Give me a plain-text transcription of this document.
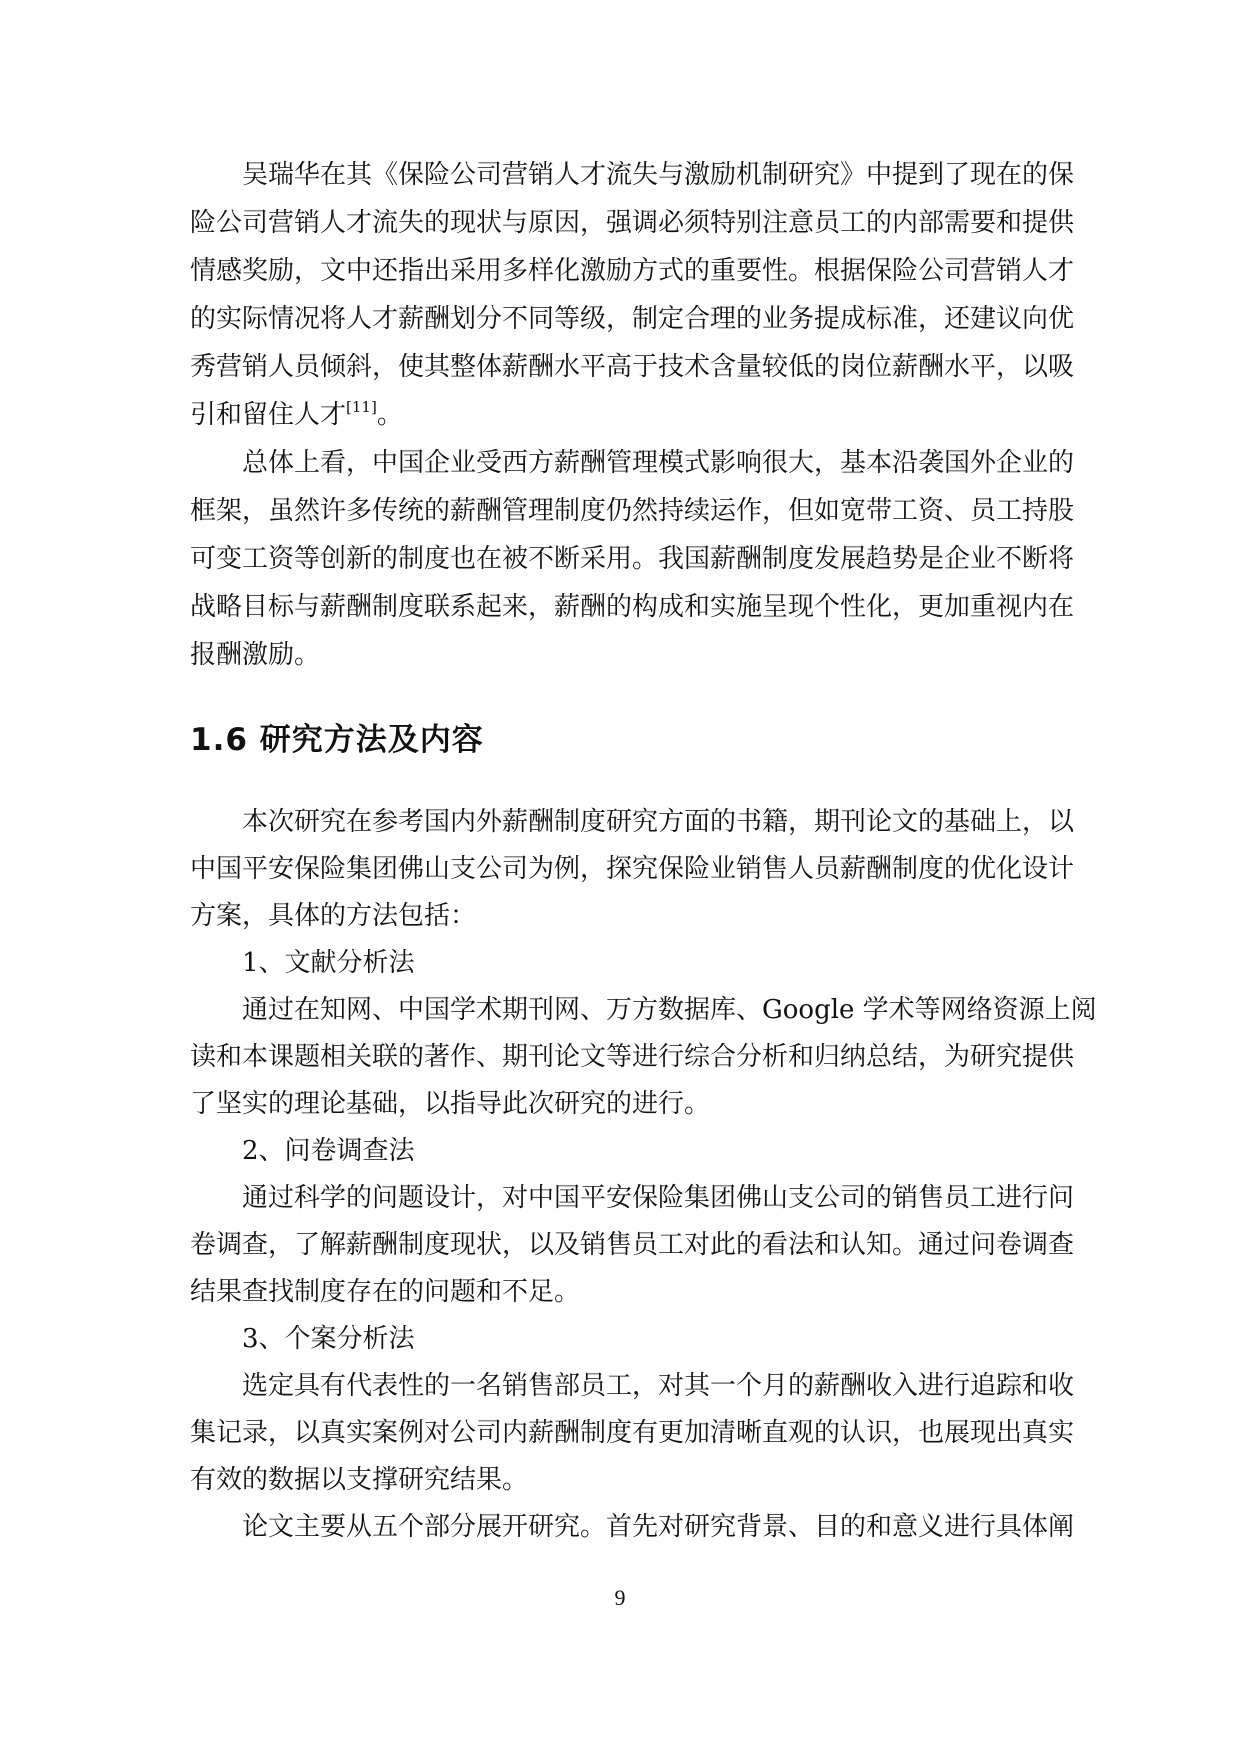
吴瑞华在其《保险公司营销人才流失与激励机制研究》中提到了现在的保
险公司营销人才流失的现状与原因，强调必须特别注意员工的内部需要和提供
情感奖励，文中还指出采用多样化激励方式的重要性。根据保险公司营销人才
的实际情况将人才薪酬划分不同等级，制定合理的业务提成标准，还建议向优
秀营销人员倾斜，使其整体薪酬水平高于技术含量较低的岗位薪酬水平，以吸
引和留住人才[11]。
总体上看，中国企业受西方薪酬管理模式影响很大，基本沿袭国外企业的
框架，虽然许多传统的薪酬管理制度仍然持续运作，但如宽带工资、员工持股
可变工资等创新的制度也在被不断采用。我国薪酬制度发展趋势是企业不断将
战略目标与薪酬制度联系起来，薪酬的构成和实施呈现个性化，更加重视内在
报酬激励。
1.6 研究方法及内容
本次研究在参考国内外薪酬制度研究方面的书籍，期刊论文的基础上，以
中国平安保险集团佛山支公司为例，探究保险业销售人员薪酬制度的优化设计
方案，具体的方法包括：
1、文献分析法
通过在知网、中国学术期刊网、万方数据库、Google 学术等网络资源上阅
读和本课题相关联的著作、期刊论文等进行综合分析和归纳总结，为研究提供
了坚实的理论基础，以指导此次研究的进行。
2、问卷调查法
通过科学的问题设计，对中国平安保险集团佛山支公司的销售员工进行问
卷调查，了解薪酬制度现状，以及销售员工对此的看法和认知。通过问卷调查
结果查找制度存在的问题和不足。
3、个案分析法
选定具有代表性的一名销售部员工，对其一个月的薪酬收入进行追踪和收
集记录，以真实案例对公司内薪酬制度有更加清晰直观的认识，也展现出真实
有效的数据以支撑研究结果。
论文主要从五个部分展开研究。首先对研究背景、目的和意义进行具体阐
9
